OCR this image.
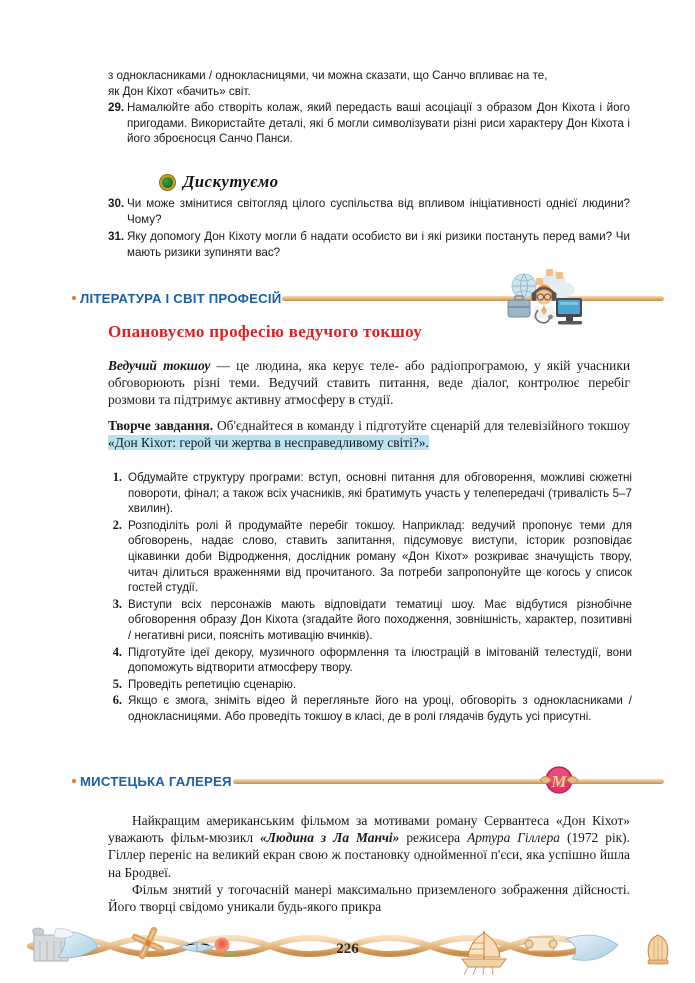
з однокласниками / однокласницями, чи можна сказати, що Санчо впливає на те,
як Дон Кіхот «бачить» світ.
29. Намалюйте або створіть колаж, який передасть ваші асоціації з образом Дон Кіхота і його пригодами. Використайте деталі, які б могли символізувати різні риси характеру Дон Кіхота і його зброєносця Санчо Панси.
Дискутуємо
30. Чи може змінитися світогляд цілого суспільства від впливом ініціативності однієї людини? Чому?
31. Яку допомогу Дон Кіхоту могли б надати особисто ви і які ризики постануть перед вами? Чи мають ризики зупиняти вас?
ЛІТЕРАТУРА І СВІТ ПРОФЕСІЙ
Опановуємо професію ведучого токшоу

Ведучий токшоу — це людина, яка керує теле- або радіопрограмою, у якій учасники обговорюють різні теми. Ведучий ставить питання, веде діалог, контролює перебіг розмови та підтримує активну атмосферу в студії.

Творче завдання. Об'єднайтеся в команду і підготуйте сценарій для телевізійного токшоу «Дон Кіхот: герой чи жертва в несправедливому світі?».
1. Обдумайте структуру програми: вступ, основні питання для обговорення, можливі сюжетні повороти, фінал; а також всіх учасників, які братимуть участь у телепередачі (тривалість 5–7 хвилин).
2. Розподіліть ролі й продумайте перебіг токшоу. Наприклад: ведучий пропонує теми для обговорень, надає слово, ставить запитання, підсумовує виступи, історик розповідає цікавинки доби Відродження, дослідник роману «Дон Кіхот» розкриває значущість твору, читач ділиться враженнями від прочитаного. За потреби запропонуйте ще когось у список гостей студії.
3. Виступи всіх персонажів мають відповідати тематиці шоу. Має відбутися різнобічне обговорення образу Дон Кіхота (згадайте його походження, зовнішність, характер, позитивні / негативні риси, поясніть мотивацію вчинків).
4. Підготуйте ідеї декору, музичного оформлення та ілюстрацій в імітованій телестудії, вони допоможуть відтворити атмосферу твору.
5. Проведіть репетицію сценарію.
6. Якщо є змога, зніміть відео й перегляньте його на уроці, обговоріть з однокласниками / однокласницями. Або проведіть токшоу в класі, де в ролі глядачів будуть усі присутні.
МИСТЕЦЬКА ГАЛЕРЕЯ	M

Найкращим американським фільмом за мотивами роману Сервантеса «Дон Кіхот» уважають фільм-мюзикл «Людина з Ла Манчі» режисера Артура Гіллера (1972 рік). Гіллер переніс на великий екран свою ж постановку однойменної п'єси, яка успішно йшла на Бродвеї.

Фільм знятий у тогочасній манері максимально приземленого зображення дійсності. Його творці свідомо уникали будь-якого прикра

226
